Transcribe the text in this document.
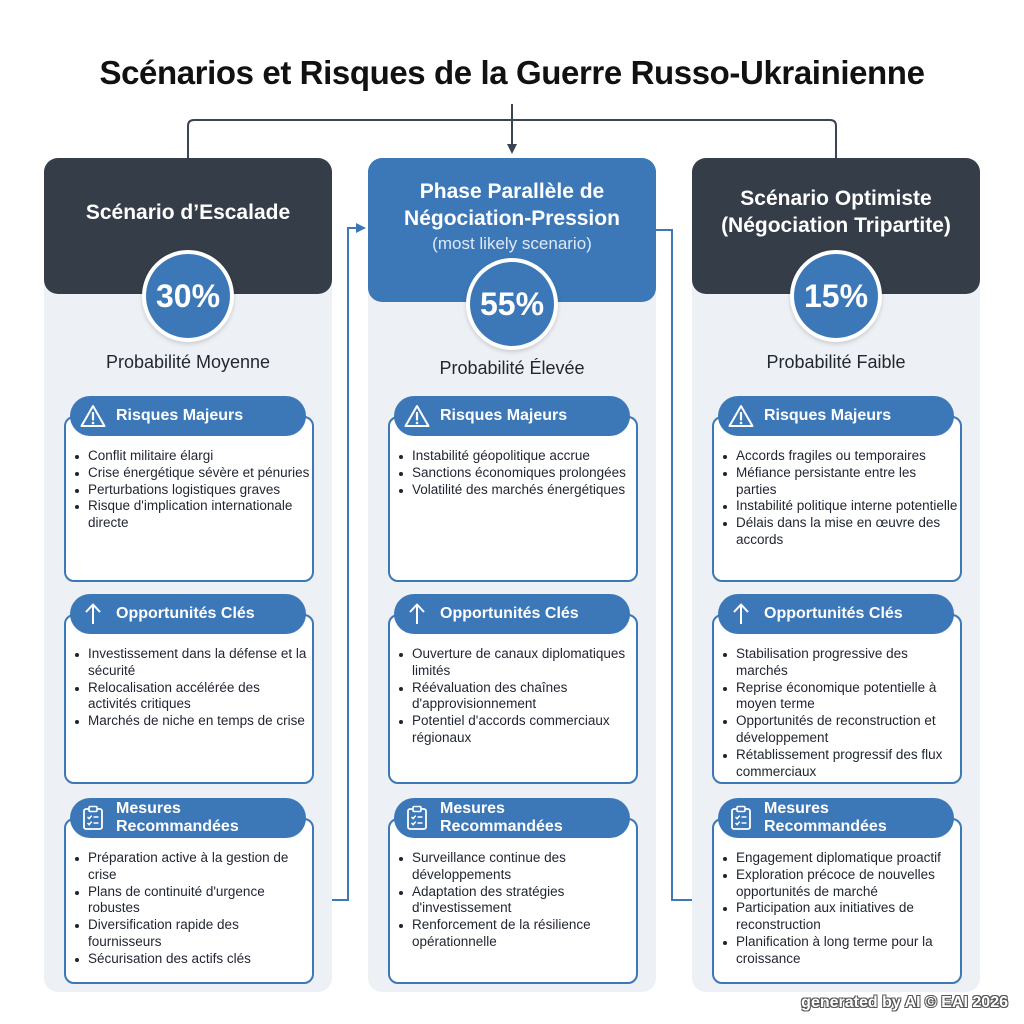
Scénarios et Risques de la Guerre Russo-Ukrainienne
Scénario d’Escalade
30%
Probabilité Moyenne
Risques Majeurs
Conflit militaire élargi
Crise énergétique sévère et pénuries
Perturbations logistiques graves
Risque d'implication internationale directe
Opportunités Clés
Investissement dans la défense et la sécurité
Relocalisation accélérée des activités critiques
Marchés de niche en temps de crise
Mesures Recommandées
Préparation active à la gestion de crise
Plans de continuité d'urgence robustes
Diversification rapide des fournisseurs
Sécurisation des actifs clés
Phase Parallèle de Négociation-Pression
(most likely scenario)
55%
Probabilité Élevée
Risques Majeurs
Instabilité géopolitique accrue
Sanctions économiques prolongées
Volatilité des marchés énergétiques
Opportunités Clés
Ouverture de canaux diplomatiques limités
Réévaluation des chaînes d'approvisionnement
Potentiel d'accords commerciaux régionaux
Mesures Recommandées
Surveillance continue des développements
Adaptation des stratégies d'investissement
Renforcement de la résilience opérationnelle
Scénario Optimiste (Négociation Tripartite)
15%
Probabilité Faible
Risques Majeurs
Accords fragiles ou temporaires
Méfiance persistante entre les parties
Instabilité politique interne potentielle
Délais dans la mise en œuvre des accords
Opportunités Clés
Stabilisation progressive des marchés
Reprise économique potentielle à moyen terme
Opportunités de reconstruction et développement
Rétablissement progressif des flux commerciaux
Mesures Recommandées
Engagement diplomatique proactif
Exploration précoce de nouvelles opportunités de marché
Participation aux initiatives de reconstruction
Planification à long terme pour la croissance
generated by AI © EAI 2026
